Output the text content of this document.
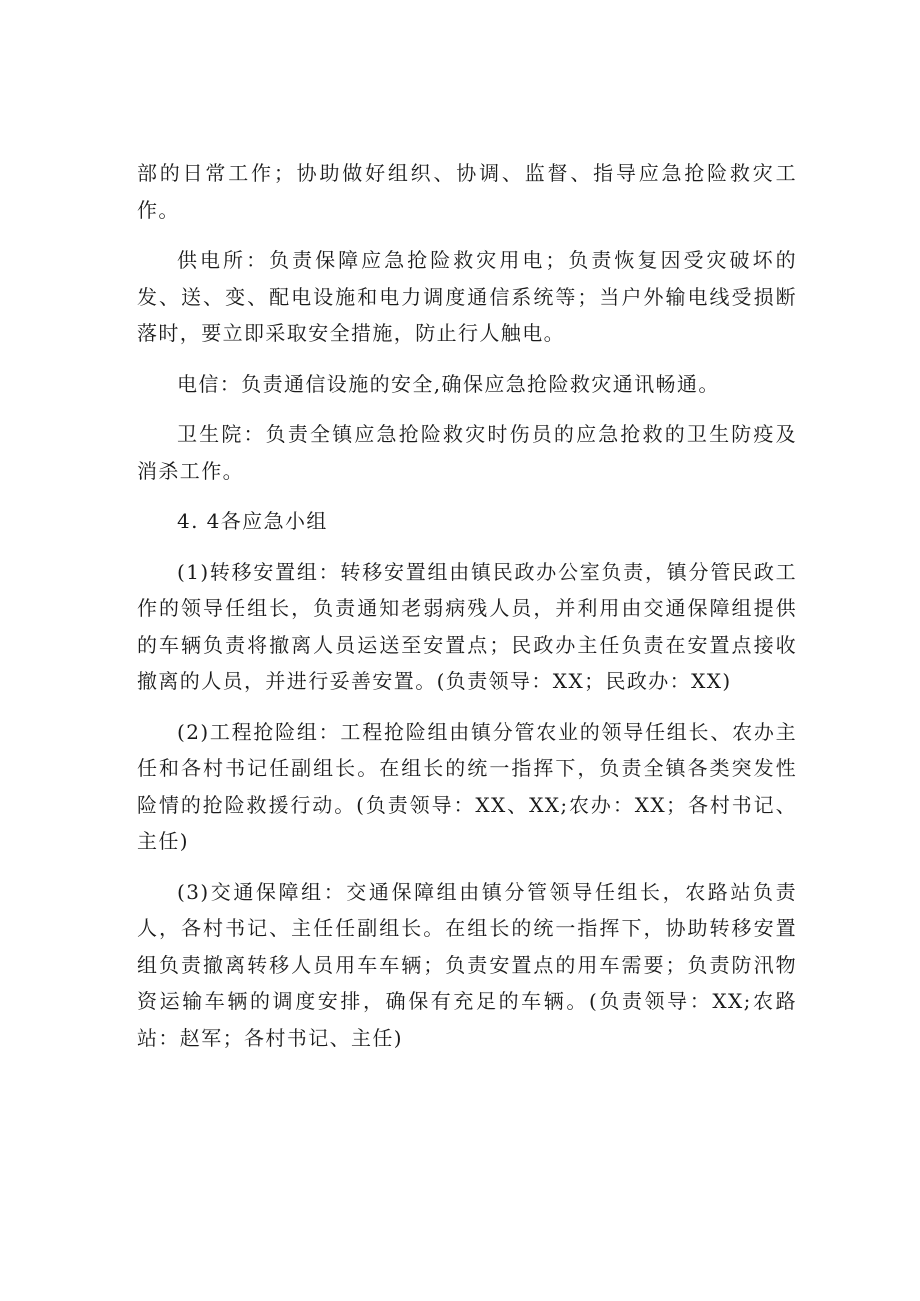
部的日常工作；协助做好组织、协调、监督、指导应急抢险救灾工作。

供电所：负责保障应急抢险救灾用电；负责恢复因受灾破坏的发、送、变、配电设施和电力调度通信系统等；当户外输电线受损断落时，要立即采取安全措施，防止行人触电。

电信：负责通信设施的安全,确保应急抢险救灾通讯畅通。

卫生院：负责全镇应急抢险救灾时伤员的应急抢救的卫生防疫及消杀工作。

4. 4各应急小组

(1)转移安置组：转移安置组由镇民政办公室负责，镇分管民政工作的领导任组长，负责通知老弱病残人员，并利用由交通保障组提供的车辆负责将撤离人员运送至安置点；民政办主任负责在安置点接收撤离的人员，并进行妥善安置。(负责领导：XX；民政办：XX)

(2)工程抢险组：工程抢险组由镇分管农业的领导任组长、农办主任和各村书记任副组长。在组长的统一指挥下，负责全镇各类突发性险情的抢险救援行动。(负责领导：XX、XX;农办：XX；各村书记、主任)

(3)交通保障组：交通保障组由镇分管领导任组长，农路站负责人，各村书记、主任任副组长。在组长的统一指挥下，协助转移安置组负责撤离转移人员用车车辆；负责安置点的用车需要；负责防汛物资运输车辆的调度安排，确保有充足的车辆。(负责领导：XX;农路站：赵军；各村书记、主任)
